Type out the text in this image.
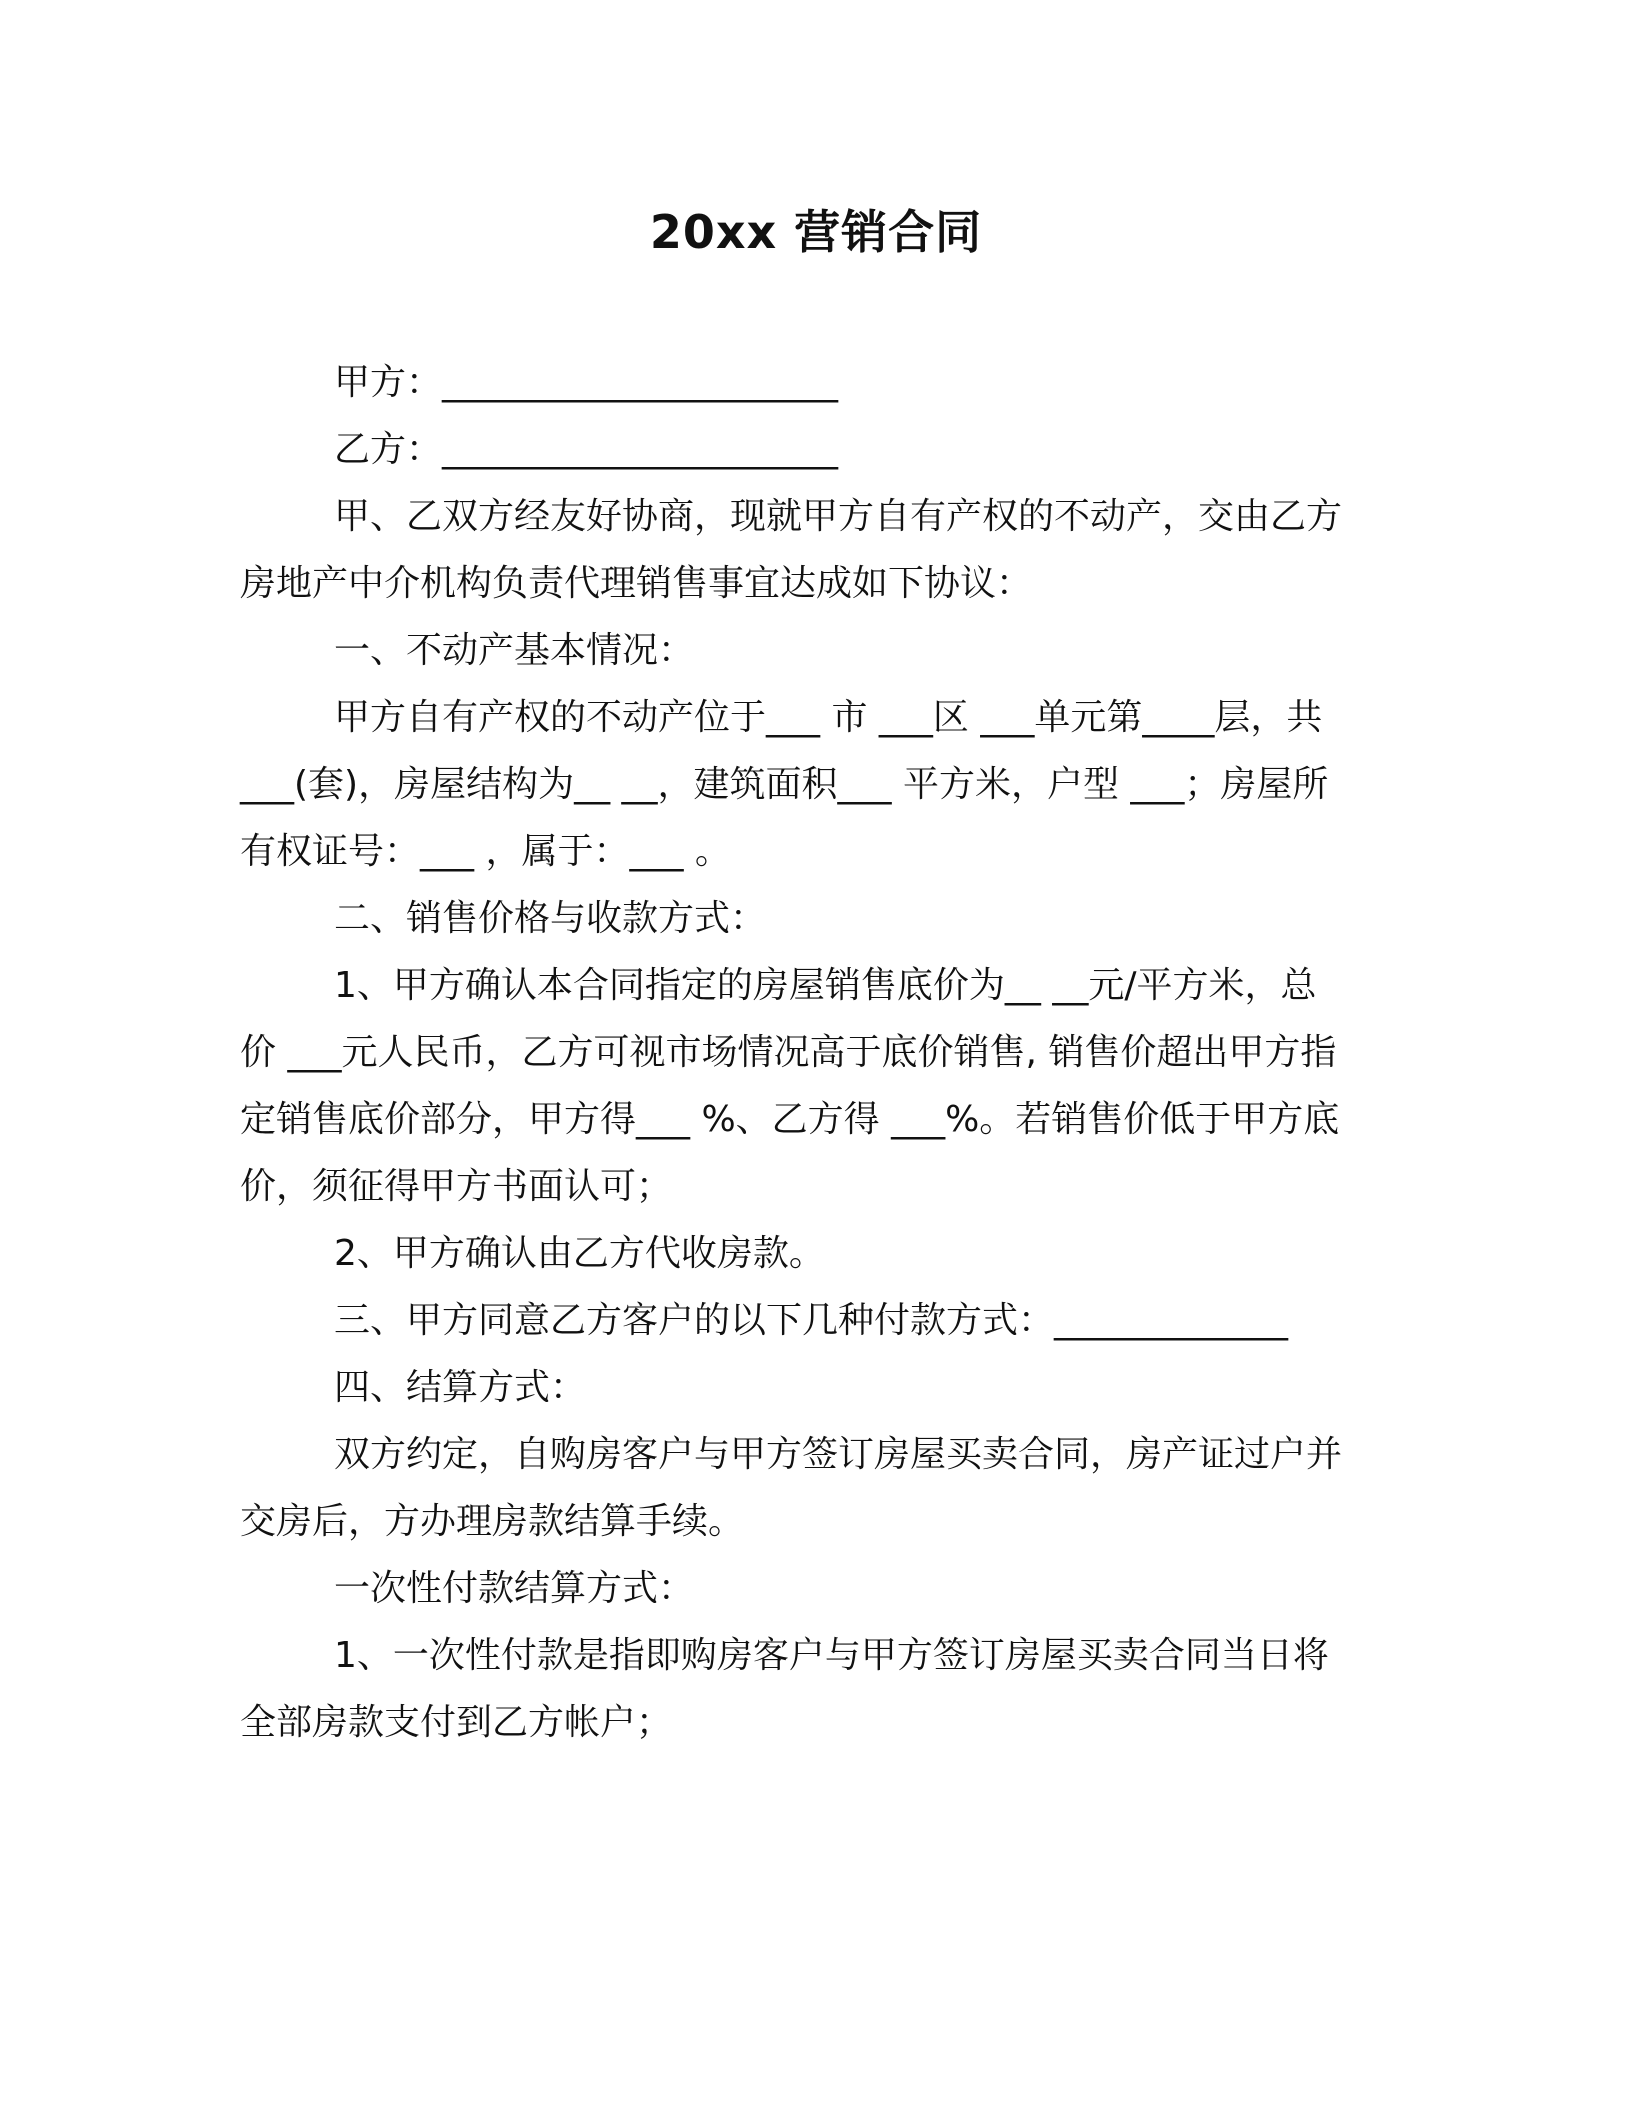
20xx 营销合同
甲方：______________________
乙方：______________________
甲、乙双方经友好协商，现就甲方自有产权的不动产，交由乙方
房地产中介机构负责代理销售事宜达成如下协议：
一、不动产基本情况：
甲方自有产权的不动产位于___ 市 ___区 ___单元第____层，共
___(套)，房屋结构为__ __，建筑面积___ 平方米，户型 ___；房屋所
有权证号：___ ，属于：___ 。
二、销售价格与收款方式：
1、甲方确认本合同指定的房屋销售底价为__ __元/平方米，总
价 ___元人民币，乙方可视市场情况高于底价销售, 销售价超出甲方指
定销售底价部分，甲方得___ %、乙方得 ___%。若销售价低于甲方底
价，须征得甲方书面认可；
2、甲方确认由乙方代收房款。
三、甲方同意乙方客户的以下几种付款方式：_____________
四、结算方式：
双方约定，自购房客户与甲方签订房屋买卖合同，房产证过户并
交房后，方办理房款结算手续。
一次性付款结算方式：
1、一次性付款是指即购房客户与甲方签订房屋买卖合同当日将
全部房款支付到乙方帐户；
